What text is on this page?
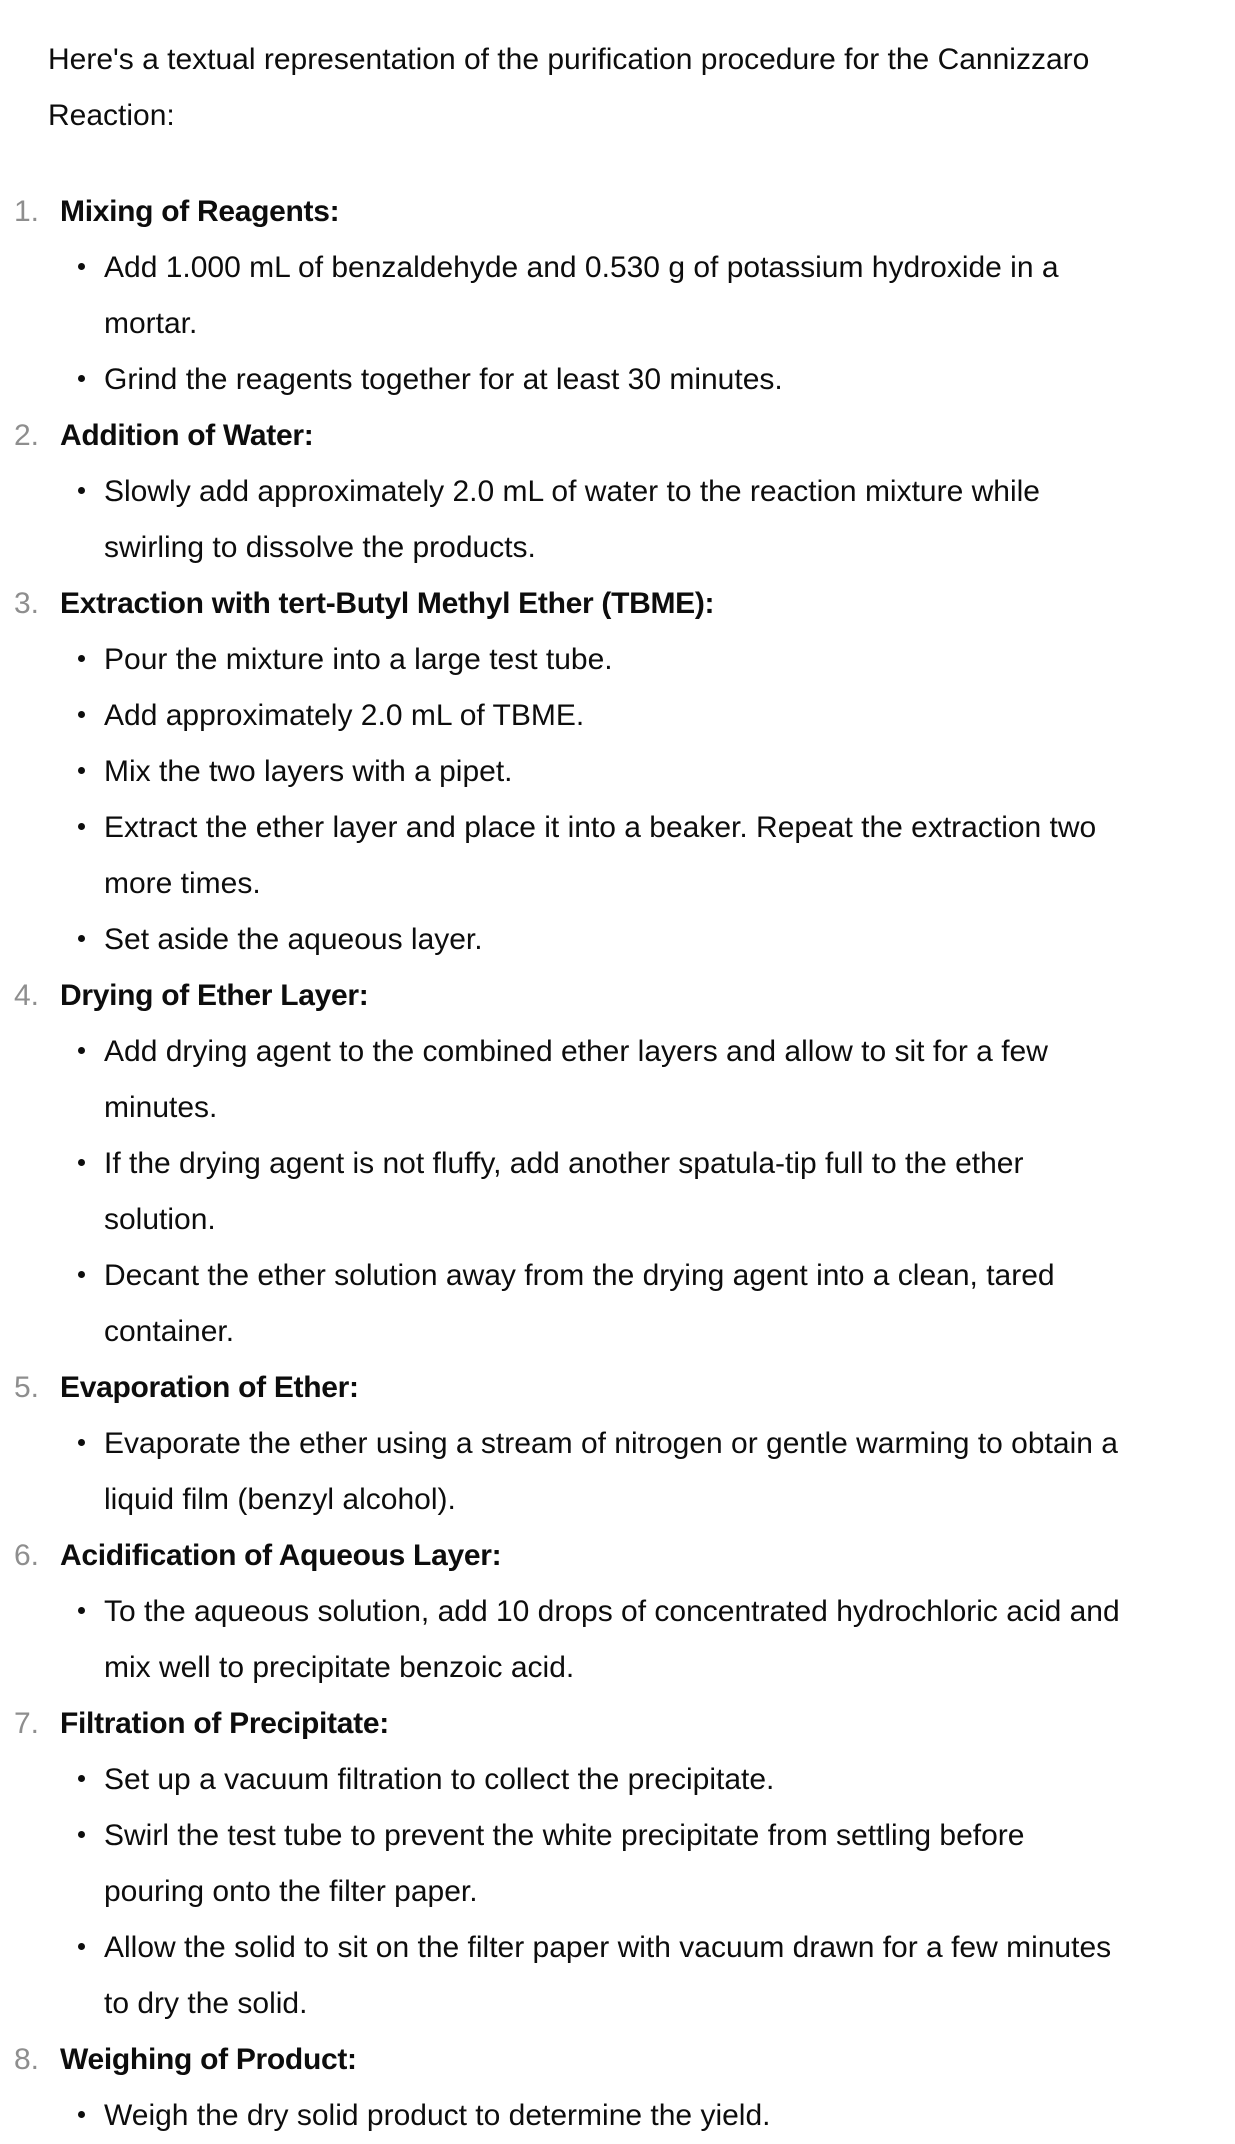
Here's a textual representation of the purification procedure for the Cannizzaro Reaction:

1. Mixing of Reagents:
Add 1.000 mL of benzaldehyde and 0.530 g of potassium hydroxide in a mortar.
Grind the reagents together for at least 30 minutes.
2. Addition of Water:
Slowly add approximately 2.0 mL of water to the reaction mixture while swirling to dissolve the products.
3. Extraction with tert-Butyl Methyl Ether (TBME):
Pour the mixture into a large test tube.
Add approximately 2.0 mL of TBME.
Mix the two layers with a pipet.
Extract the ether layer and place it into a beaker. Repeat the extraction two more times.
Set aside the aqueous layer.
4. Drying of Ether Layer:
Add drying agent to the combined ether layers and allow to sit for a few minutes.
If the drying agent is not fluffy, add another spatula-tip full to the ether solution.
Decant the ether solution away from the drying agent into a clean, tared container.
5. Evaporation of Ether:
Evaporate the ether using a stream of nitrogen or gentle warming to obtain a liquid film (benzyl alcohol).
6. Acidification of Aqueous Layer:
To the aqueous solution, add 10 drops of concentrated hydrochloric acid and mix well to precipitate benzoic acid.
7. Filtration of Precipitate:
Set up a vacuum filtration to collect the precipitate.
Swirl the test tube to prevent the white precipitate from settling before pouring onto the filter paper.
Allow the solid to sit on the filter paper with vacuum drawn for a few minutes to dry the solid.
8. Weighing of Product:
Weigh the dry solid product to determine the yield.
